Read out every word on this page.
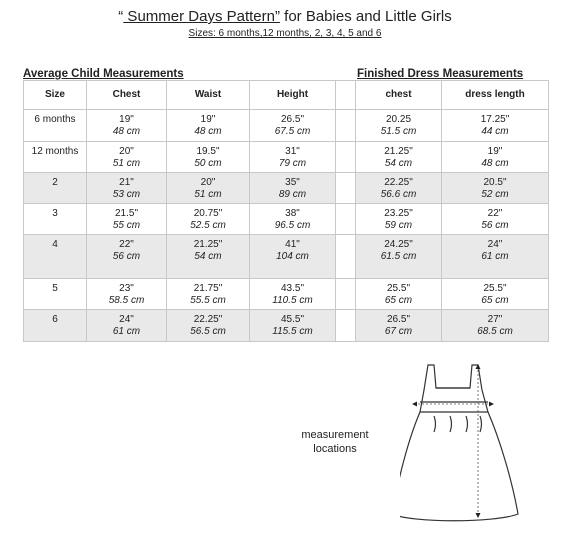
“ Summer Days Pattern” for Babies and Little Girls
Sizes: 6 months,12 months, 2, 3, 4, 5 and 6
Average Child Measurements	Finished Dress Measurements
Size	Chest	Waist	Height		chest	dress length

6 months	19"
48 cm	19"
48 cm	26.5"
67.5 cm		20.25
51.5 cm	17.25"
44 cm

12 months	20"
51 cm	19.5"
50 cm	31"
79 cm		21.25"
54 cm	19"
48 cm

2	21"
53 cm	20"
51 cm	35"
89 cm		22.25"
56.6 cm	20.5"
52 cm

3	21.5"
55 cm	20.75"
52.5 cm	38"
96.5 cm		23.25"
59 cm	22"
56 cm

4	22"
56 cm	21.25"
54 cm	41"
104 cm		24.25"
61.5 cm	24"
61 cm

5	23"
58.5 cm	21.75"
55.5 cm	43.5"
110.5 cm		25.5"
65 cm	25.5"
65 cm

6	24"
61 cm	22.25"
56.5 cm	45.5"
115.5 cm		26.5"
67 cm	27"
68.5 cm
measurement
locations
